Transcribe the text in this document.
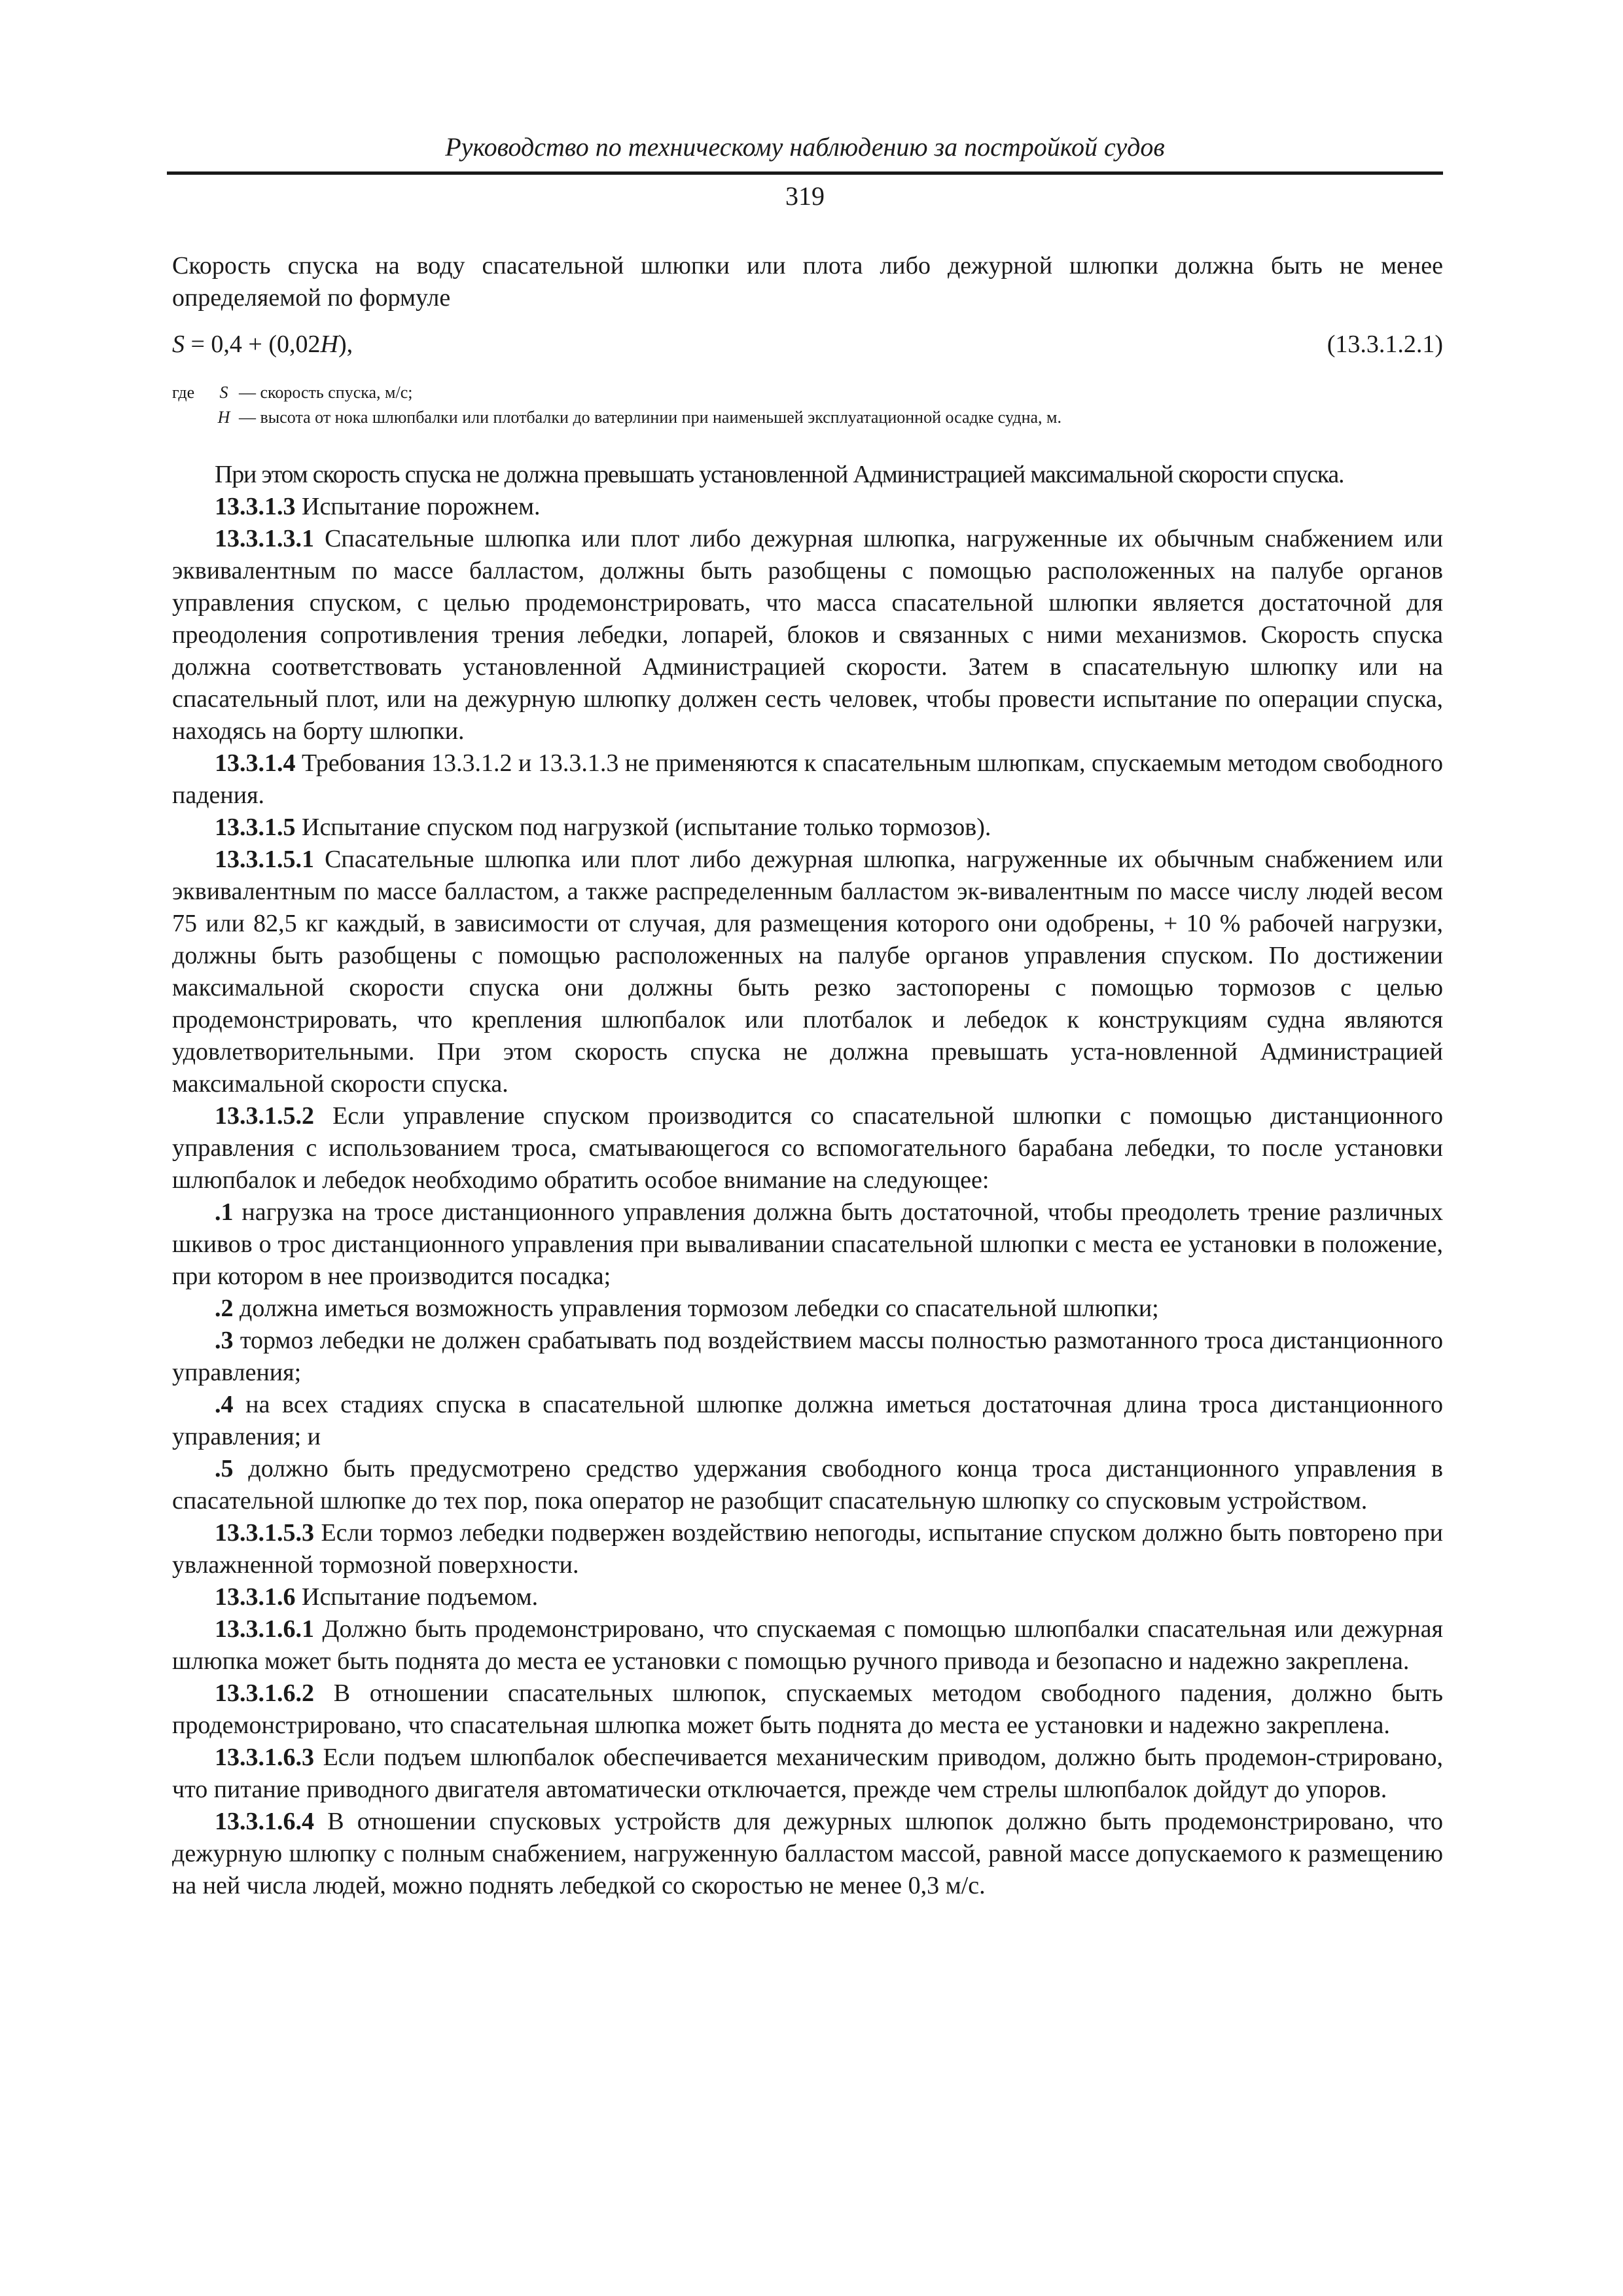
Руководство по техническому наблюдению за постройкой судов
319

Скорость спуска на воду спасательной шлюпки или плота либо дежурной шлюпки должна быть не менее определяемой по формуле

S = 0,4 + (0,02H),	(13.3.1.2.1)
где	S — скорость спуска, м/с;
H — высота от нока шлюпбалки или плотбалки до ватерлинии при наименьшей эксплуатационной осадке судна, м.

При этом скорость спуска не должна превышать установленной Администрацией максимальной скорости спуска.

13.3.1.3 Испытание порожнем.

13.3.1.3.1 Спасательные шлюпка или плот либо дежурная шлюпка, нагруженные их обычным снабжением или эквивалентным по массе балластом, должны быть разобщены с помощью расположенных на палубе органов управления спуском, с целью продемонстрировать, что масса спасательной шлюпки является достаточной для преодоления сопротивления трения лебедки, лопарей, блоков и связанных с ними механизмов. Скорость спуска должна соответствовать установленной Администрацией скорости. Затем в спасательную шлюпку или на спасательный плот, или на дежурную шлюпку должен сесть человек, чтобы провести испытание по операции спуска, находясь на борту шлюпки.

13.3.1.4 Требования 13.3.1.2 и 13.3.1.3 не применяются к спасательным шлюпкам, спускаемым методом свободного падения.

13.3.1.5 Испытание спуском под нагрузкой (испытание только тормозов).

13.3.1.5.1 Спасательные шлюпка или плот либо дежурная шлюпка, нагруженные их обычным снабжением или эквивалентным по массе балластом, а также распределенным балластом эк-вивалентным по массе числу людей весом 75 или 82,5 кг каждый, в зависимости от случая, для размещения которого они одобрены, + 10 % рабочей нагрузки, должны быть разобщены с помощью расположенных на палубе органов управления спуском. По достижении максимальной скорости спуска они должны быть резко застопорены с помощью тормозов с целью продемонстрировать, что крепления шлюпбалок или плотбалок и лебедок к конструкциям судна являются удовлетворительными. При этом скорость спуска не должна превышать уста-новленной Администрацией максимальной скорости спуска.

13.3.1.5.2 Если управление спуском производится со спасательной шлюпки с помощью дистанционного управления с использованием троса, сматывающегося со вспомогательного барабана лебедки, то после установки шлюпбалок и лебедок необходимо обратить особое внимание на следующее:

.1 нагрузка на тросе дистанционного управления должна быть достаточной, чтобы преодолеть трение различных шкивов о трос дистанционного управления при вываливании спасательной шлюпки с места ее установки в положение, при котором в нее производится посадка;

.2 должна иметься возможность управления тормозом лебедки со спасательной шлюпки;

.3 тормоз лебедки не должен срабатывать под воздействием массы полностью размотанного троса дистанционного управления;

.4 на всех стадиях спуска в спасательной шлюпке должна иметься достаточная длина троса дистанционного управления; и

.5 должно быть предусмотрено средство удержания свободного конца троса дистанционного управления в спасательной шлюпке до тех пор, пока оператор не разобщит спасательную шлюпку со спусковым устройством.

13.3.1.5.3 Если тормоз лебедки подвержен воздействию непогоды, испытание спуском должно быть повторено при увлажненной тормозной поверхности.

13.3.1.6 Испытание подъемом.

13.3.1.6.1 Должно быть продемонстрировано, что спускаемая с помощью шлюпбалки спасательная или дежурная шлюпка может быть поднята до места ее установки с помощью ручного привода и безопасно и надежно закреплена.

13.3.1.6.2 В отношении спасательных шлюпок, спускаемых методом свободного падения, должно быть продемонстрировано, что спасательная шлюпка может быть поднята до места ее установки и надежно закреплена.

13.3.1.6.3 Если подъем шлюпбалок обеспечивается механическим приводом, должно быть продемон-стрировано, что питание приводного двигателя автоматически отключается, прежде чем стрелы шлюпбалок дойдут до упоров.

13.3.1.6.4 В отношении спусковых устройств для дежурных шлюпок должно быть продемонстрировано, что дежурную шлюпку с полным снабжением, нагруженную балластом массой, равной массе допускаемого к размещению на ней числа людей, можно поднять лебедкой со скоростью не менее 0,3 м/с.
